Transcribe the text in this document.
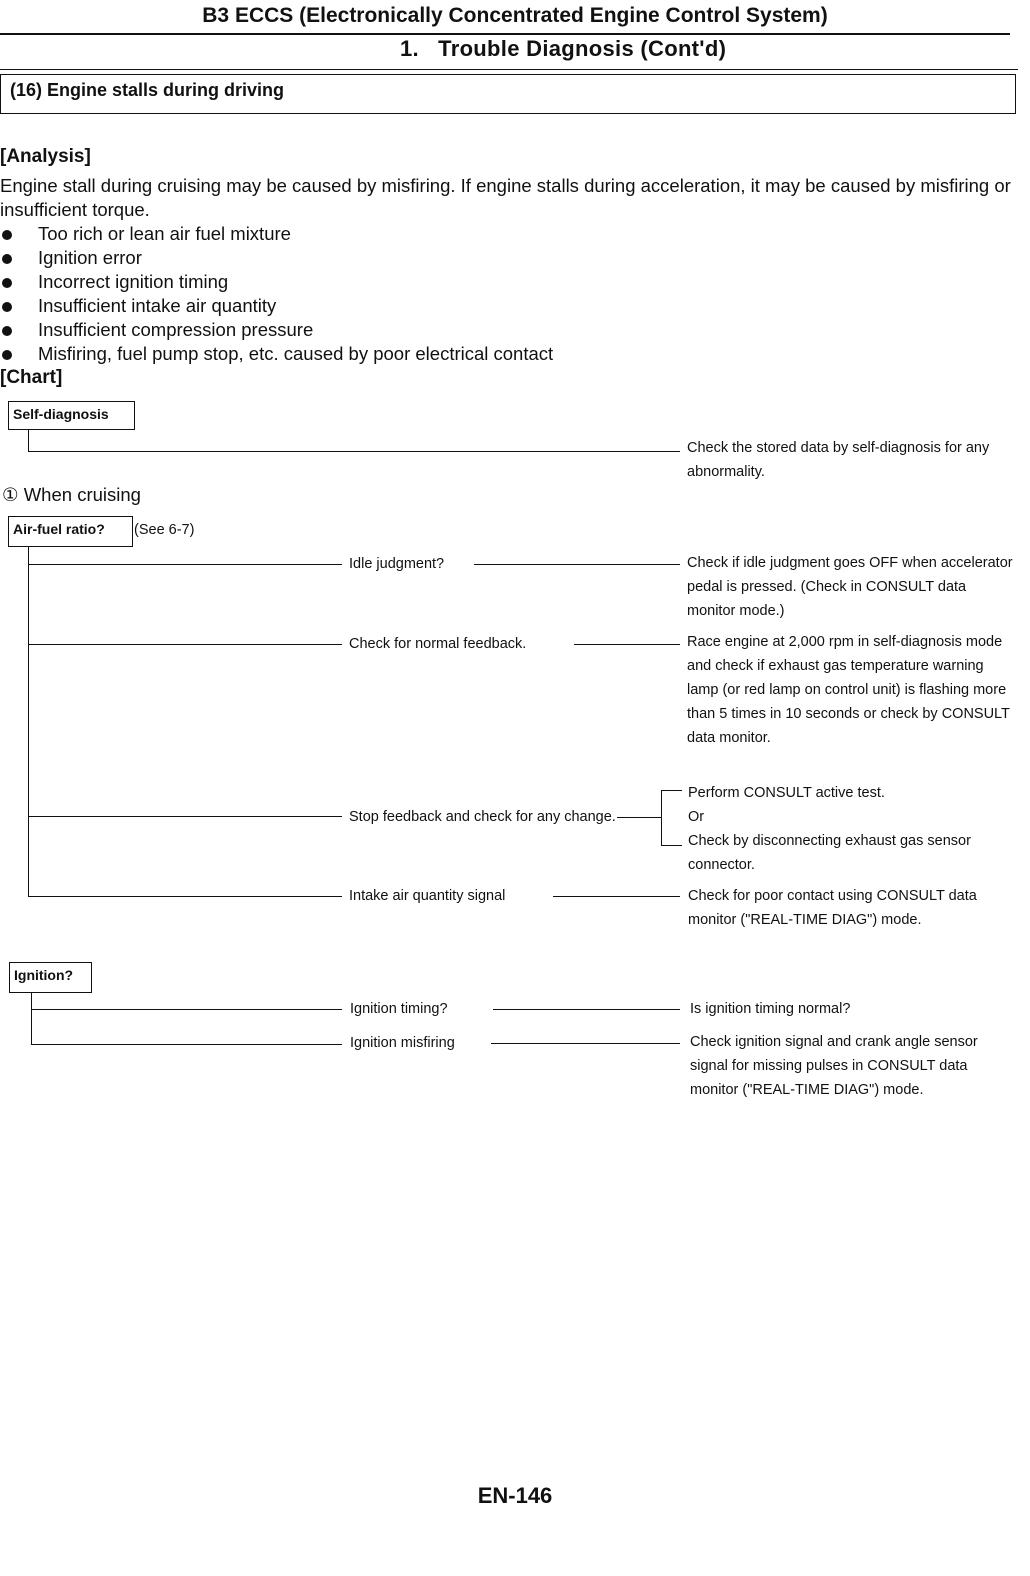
B3 ECCS (Electronically Concentrated Engine Control System)
1.   Trouble Diagnosis (Cont'd)
(16) Engine stalls during driving
[Analysis]
Engine stall during cruising may be caused by misfiring. If engine stalls during acceleration, it may be caused by misfiring or insufficient torque.
Too rich or lean air fuel mixture
Ignition error
Incorrect ignition timing
Insufficient intake air quantity
Insufficient compression pressure
Misfiring, fuel pump stop, etc. caused by poor electrical contact
[Chart]
Self-diagnosis
Check the stored data by self-diagnosis for any abnormality.
① When cruising
Air-fuel ratio?	(See 6-7)
Idle judgment?	Check if idle judgment goes OFF when accelerator pedal is pressed. (Check in CONSULT data monitor mode.)
Check for normal feedback.	Race engine at 2,000 rpm in self-diagnosis mode and check if exhaust gas temperature warning lamp (or red lamp on control unit) is flashing more than 5 times in 10 seconds or check by CONSULT data monitor.
Stop feedback and check for any change.
Perform CONSULT active test.
Or
Check by disconnecting exhaust gas sensor connector.
Intake air quantity signal	Check for poor contact using CONSULT data monitor ("REAL-TIME DIAG") mode.
Ignition?
Ignition timing?	Is ignition timing normal?
Ignition misfiring	Check ignition signal and crank angle sensor signal for missing pulses in CONSULT data monitor ("REAL-TIME DIAG") mode.
EN-146
